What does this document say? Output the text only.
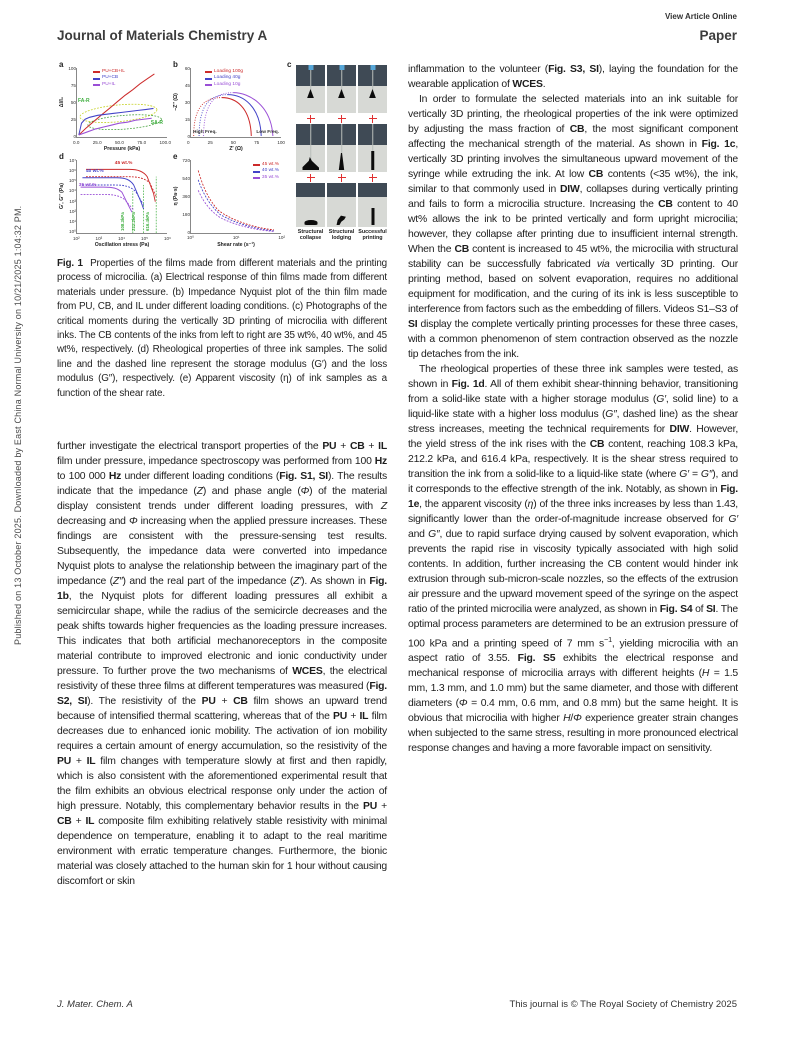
Published on 13 October 2025. Downloaded by East China Normal University on 10/21/2025 1:04:32 PM.
View Article Online
Journal of Materials Chemistry A	Paper
a
0
25
50
75
100
0.0	25.0	50.0	75.0	100.0
ΔI/I₀
Pressure (kPa)
PU+CB+IL
PU+CB
PU+IL
FA-R
SA-R
b
0
15
30
45
60
0	25	50	75	100
−Z″ (Ω)
Z′ (Ω)
Loading 100g
Loading 40g
Loading 10g
High Freq.	Low Freq.
d
10⁰
10¹
10²
10³
10⁴
10⁵
10⁶
10⁷
10²	10³	10⁴	10⁵	10⁶
G′, G″ (Pa)
Oscillation stress (Pa)
45 wt.%
40 wt.%
35 wt.%
108.3kPa 212.2kPa 616.4kPa
e
0
180
360
540
720
10⁰	10¹	10²
η (Pa·s)
Shear rate (s⁻¹)
45 wt.%
40 wt.%
35 wt.%
c
Structural collapse
Structural lodging
Successful printing
Fig. 1  Properties of the films made from different materials and the printing process of microcilia. (a) Electrical response of thin films made from different materials under pressure. (b) Impedance Nyquist plot of the thin film made from PU, CB, and IL under different loading conditions. (c) Photographs of the critical moments during the vertically 3D printing of microcilia with different inks. The CB contents of the inks from left to right are 35 wt%, 40 wt%, and 45 wt%, respectively. (d) Rheological properties of three ink samples. The solid line and the dashed line represent the storage modulus (G′) and the loss modulus (G″), respectively. (e) Apparent viscosity (η) of ink samples as a function of the shear rate.

further investigate the electrical transport properties of the PU + CB + IL film under pressure, impedance spectroscopy was performed from 100 Hz to 100 000 Hz under different loading conditions (Fig. S1, SI). The results indicate that the impedance (Z) and phase angle (Φ) of the material display consistent trends under different loading pressures, with Z decreasing and Φ increasing when the applied pressure increases. These findings are consistent with the pressure-sensing test results. Subsequently, the impedance data were converted into impedance Nyquist plots to analyse the relationship between the imaginary part of the impedance (Z″) and the real part of the impedance (Z′). As shown in Fig. 1b, the Nyquist plots for different loading pressures all exhibit a semicircular shape, while the radius of the semicircle decreases and the peak shifts towards higher frequencies as the loading pressure increases. This indicates that both artificial mechanoreceptors in the composite material contribute to improved electronic and ionic conductivity under pressure. To further prove the two mechanisms of WCES, the electrical resistivity of these three films at different temperatures was measured (Fig. S2, SI). The resistivity of the PU + CB film shows an upward trend because of intensified thermal scattering, whereas that of the PU + IL film decreases due to enhanced ionic mobility. The activation of ion mobility requires a certain amount of energy accumulation, so the resistivity of the PU + IL film changes with temperature slowly at first and then rapidly, which is also consistent with the aforementioned experimental result that the film exhibits an obvious electrical response only under the action of high pressure. Notably, this complementary behavior results in the PU + CB + IL composite film exhibiting relatively stable resistivity with minimal dependence on temperature, enabling it to adapt to the real maritime environment with erratic temperature changes. Furthermore, the bionic material was closely attached to the human skin for 1 hour without causing discomfort or skin

inflammation to the volunteer (Fig. S3, SI), laying the foundation for the wearable application of WCES.

In order to formulate the selected materials into an ink suitable for vertically 3D printing, the rheological properties of the ink were optimized by adjusting the mass fraction of CB, the most significant component affecting the mechanical strength of the material. As shown in Fig. 1c, vertically 3D printing involves the simultaneous upward movement of the syringe while extruding the ink. At low CB contents (<35 wt%), the ink, similar to that commonly used in DIW, collapses during vertically printing and fails to form a microcilia structure. Increasing the CB content to 40 wt% allows the ink to be printed vertically and form upright microcilia; however, they collapse after printing due to insufficient internal strength. When the CB content is increased to 45 wt%, the microcilia with structural stability can be successfully fabricated via vertically 3D printing. Our printing method, based on solvent evaporation, requires no additional equipment for modification, and the curing of its ink is less susceptible to interference from factors such as the embedding of fillers. Videos S1–S3 of SI display the complete vertically printing processes for these three cases, with a common phenomenon of stem contraction observed as the nozzle tip detaches from the ink.

The rheological properties of these three ink samples were tested, as shown in Fig. 1d. All of them exhibit shear-thinning behavior, transitioning from a solid-like state with a higher storage modulus (G′, solid line) to a liquid-like state with a higher loss modulus (G″, dashed line) as the shear stress increases, meeting the technical requirements for DIW. However, the yield stress of the ink rises with the CB content, reaching 108.3 kPa, 212.2 kPa, and 616.4 kPa, respectively. It is the shear stress required to transition the ink from a solid-like to a liquid-like state (where G′ = G″), and it corresponds to the effective strength of the ink. Notably, as shown in Fig. 1e, the apparent viscosity (η) of the three inks increases by less than 1.43, significantly lower than the order-of-magnitude increase observed for G′ and G″, due to rapid surface drying caused by solvent evaporation, which prevents the rapid rise in viscosity typically associated with high solid contents. In addition, further increasing the CB content would hinder ink extrusion through sub-micron-scale nozzles, so the effects of the extrusion air pressure and the upward movement speed of the syringe on the aspect ratio of the printed microcilia were analyzed, as shown in Fig. S4 of SI. The optimal process parameters are determined to be an extrusion pressure of 100 kPa and a printing speed of 7 mm $s^{-1}$, yielding microcilia with an aspect ratio of 3.55. Fig. S5 exhibits the electrical response and mechanical response of microcilia arrays with different heights (H = 1.5 mm, 1.3 mm, and 1.0 mm) but the same diameter, and those with different diameters (Φ = 0.4 mm, 0.6 mm, and 0.8 mm) but the same height. It is obvious that microcilia with higher H/Φ experience greater strain changes when subjected to the same stress, resulting in more pronounced electrical response changes and having a more favorable impact on sensitivity.

J. Mater. Chem. A	This journal is © The Royal Society of Chemistry 2025
